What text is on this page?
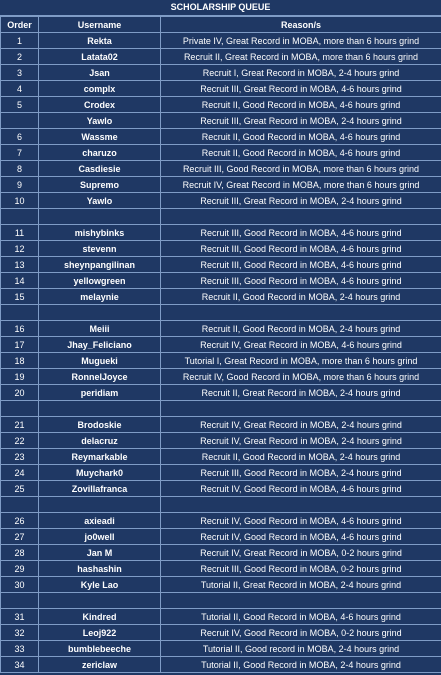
SCHOLARSHIP QUEUE
Order	Username	Reason/s
1	Rekta	Private IV, Great Record in MOBA, more than 6 hours grind
2	Latata02	Recruit II, Great Record in MOBA, more than 6 hours grind
3	Jsan	Recruit I, Great Record in MOBA, 2-4 hours grind
4	complx	Recruit III, Great Record in MOBA, 4-6 hours grind
5	Crodex	Recruit II, Good Record in MOBA, 4-6 hours grind
	Yawlo	Recruit III, Great Record in MOBA, 2-4 hours grind
6	Wassme	Recruit II, Good Record in MOBA, 4-6 hours grind
7	charuzo	Recruit II, Good Record in MOBA, 4-6 hours grind
8	Casdiesie	Recruit III, Good Record in MOBA, more than 6 hours grind
9	Supremo	Recruit IV, Great Record in MOBA, more than 6 hours grind
10	Yawlo	Recruit III, Great Record in MOBA, 2-4 hours grind

11	mishybinks	Recruit III, Good Record in MOBA, 4-6 hours grind
12	stevenn	Recruit III, Good Record in MOBA, 4-6 hours grind
13	sheynpangilinan	Recruit III, Good Record in MOBA, 4-6 hours grind
14	yellowgreen	Recruit III, Good Record in MOBA, 4-6 hours grind
15	melaynie	Recruit II, Good Record in MOBA, 2-4 hours grind

16	Meiii	Recruit II, Good Record in MOBA, 2-4 hours grind
17	Jhay_Feliciano	Recruit IV, Great Record in MOBA, 4-6 hours grind
18	Mugueki	Tutorial I, Great Record in MOBA, more than 6 hours grind
19	RonnelJoyce	Recruit IV, Good Record in MOBA, more than 6 hours grind
20	peridiam	Recruit II, Great Record in MOBA, 2-4 hours grind

21	Brodoskie	Recruit IV, Great Record in MOBA, 2-4 hours grind
22	delacruz	Recruit IV, Great Record in MOBA, 2-4 hours grind
23	Reymarkable	Recruit II, Good Record in MOBA, 2-4 hours grind
24	Muychark0	Recruit III, Good Record in MOBA, 2-4 hours grind
25	Zovillafranca	Recruit IV, Good Record in MOBA, 4-6 hours grind

26	axieadi	Recruit IV, Good Record in MOBA, 4-6 hours grind
27	jo0well	Recruit IV, Good Record in MOBA, 4-6 hours grind
28	Jan M	Recruit IV, Great Record in MOBA, 0-2 hours grind
29	hashashin	Recruit III, Good Record in MOBA, 0-2 hours grind
30	Kyle Lao	Tutorial II, Great Record in MOBA, 2-4 hours grind

31	Kindred	Tutorial II, Good Record in MOBA, 4-6 hours grind
32	Leoj922	Recruit IV, Good Record in MOBA, 0-2 hours grind
33	bumblebeeche	Tutorial II, Good record in MOBA, 2-4 hours grind
34	zericlaw	Tutorial II, Good Record in MOBA, 2-4 hours grind
